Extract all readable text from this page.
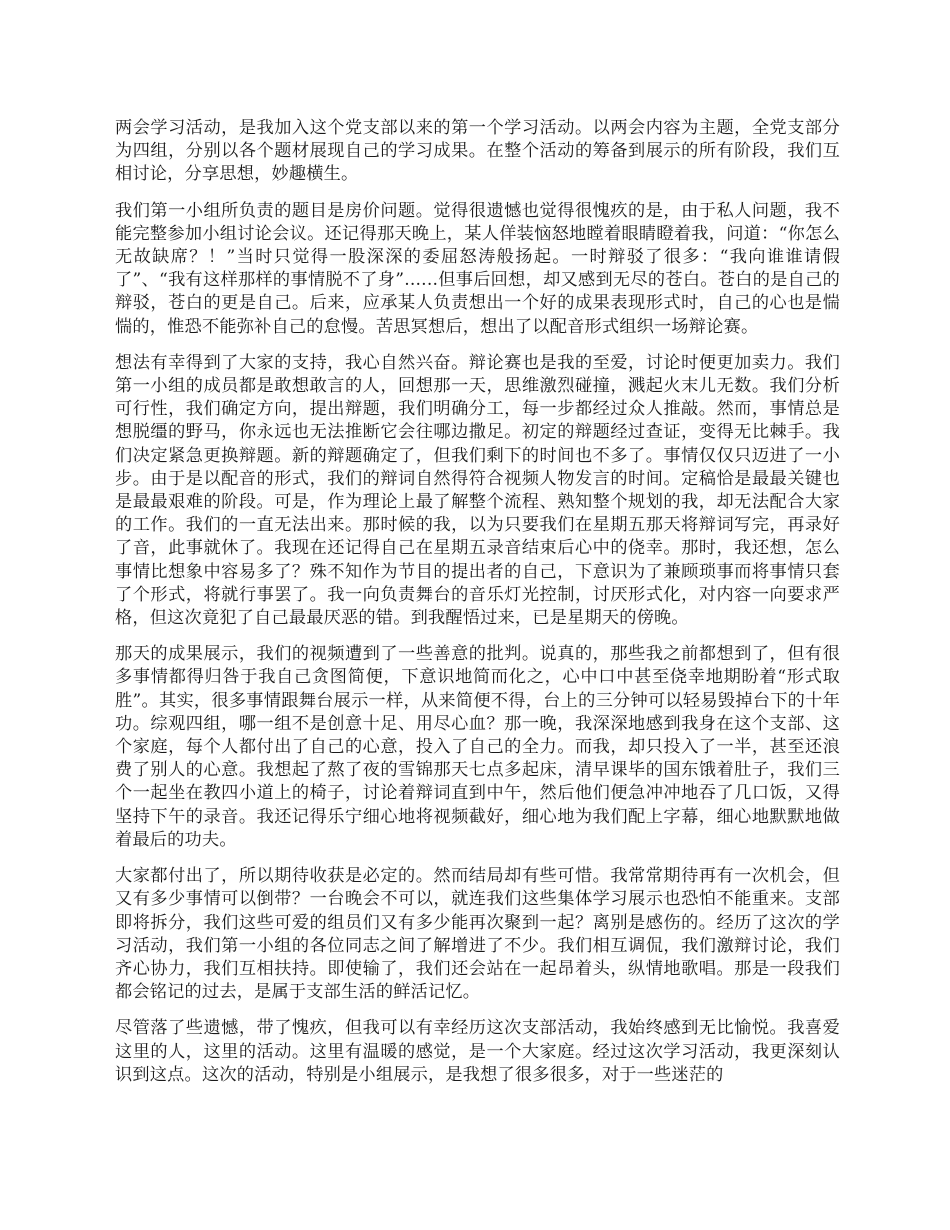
两会学习活动，是我加入这个党支部以来的第一个学习活动。以两会内容为主题，全党支部分为四组，分别以各个题材展现自己的学习成果。在整个活动的筹备到展示的所有阶段，我们互相讨论，分享思想，妙趣横生。

我们第一小组所负责的题目是房价问题。觉得很遗憾也觉得很愧疚的是，由于私人问题，我不能完整参加小组讨论会议。还记得那天晚上，某人佯装恼怒地瞠着眼睛瞪着我，问道：“你怎么无故缺席？！”当时只觉得一股深深的委屈怒涛般扬起。一时辩驳了很多：“我向谁谁请假了”、“我有这样那样的事情脱不了身”......但事后回想，却又感到无尽的苍白。苍白的是自己的辩驳，苍白的更是自己。后来，应承某人负责想出一个好的成果表现形式时，自己的心也是惴惴的，惟恐不能弥补自己的怠慢。苦思冥想后，想出了以配音形式组织一场辩论赛。

想法有幸得到了大家的支持，我心自然兴奋。辩论赛也是我的至爱，讨论时便更加卖力。我们第一小组的成员都是敢想敢言的人，回想那一天，思维激烈碰撞，溅起火末儿无数。我们分析可行性，我们确定方向，提出辩题，我们明确分工，每一步都经过众人推敲。然而，事情总是想脱缰的野马，你永远也无法推断它会往哪边撒足。初定的辩题经过查证，变得无比棘手。我们决定紧急更换辩题。新的辩题确定了，但我们剩下的时间也不多了。事情仅仅只迈进了一小步。由于是以配音的形式，我们的辩词自然得符合视频人物发言的时间。定稿恰是最最关键也是最最艰难的阶段。可是，作为理论上最了解整个流程、熟知整个规划的我，却无法配合大家的工作。我们的一直无法出来。那时候的我，以为只要我们在星期五那天将辩词写完，再录好了音，此事就休了。我现在还记得自己在星期五录音结束后心中的侥幸。那时，我还想，怎么事情比想象中容易多了？殊不知作为节目的提出者的自己，下意识为了兼顾琐事而将事情只套了个形式，将就行事罢了。我一向负责舞台的音乐灯光控制，讨厌形式化，对内容一向要求严格，但这次竟犯了自己最最厌恶的错。到我醒悟过来，已是星期天的傍晚。

那天的成果展示，我们的视频遭到了一些善意的批判。说真的，那些我之前都想到了，但有很多事情都得归咎于我自己贪图简便，下意识地简而化之，心中口中甚至侥幸地期盼着“形式取胜”。其实，很多事情跟舞台展示一样，从来简便不得，台上的三分钟可以轻易毁掉台下的十年功。综观四组，哪一组不是创意十足、用尽心血？那一晚，我深深地感到我身在这个支部、这个家庭，每个人都付出了自己的心意，投入了自己的全力。而我，却只投入了一半，甚至还浪费了别人的心意。我想起了熬了夜的雪锦那天七点多起床，清早课毕的国东饿着肚子，我们三个一起坐在教四小道上的椅子，讨论着辩词直到中午，然后他们便急冲冲地吞了几口饭，又得坚持下午的录音。我还记得乐宁细心地将视频截好，细心地为我们配上字幕，细心地默默地做着最后的功夫。

大家都付出了，所以期待收获是必定的。然而结局却有些可惜。我常常期待再有一次机会，但又有多少事情可以倒带？一台晚会不可以，就连我们这些集体学习展示也恐怕不能重来。支部即将拆分，我们这些可爱的组员们又有多少能再次聚到一起？离别是感伤的。经历了这次的学习活动，我们第一小组的各位同志之间了解增进了不少。我们相互调侃，我们激辩讨论，我们齐心协力，我们互相扶持。即使输了，我们还会站在一起昂着头，纵情地歌唱。那是一段我们都会铭记的过去，是属于支部生活的鲜活记忆。

尽管落了些遗憾，带了愧疚，但我可以有幸经历这次支部活动，我始终感到无比愉悦。我喜爱这里的人，这里的活动。这里有温暖的感觉，是一个大家庭。经过这次学习活动，我更深刻认识到这点。这次的活动，特别是小组展示，是我想了很多很多，对于一些迷茫的
